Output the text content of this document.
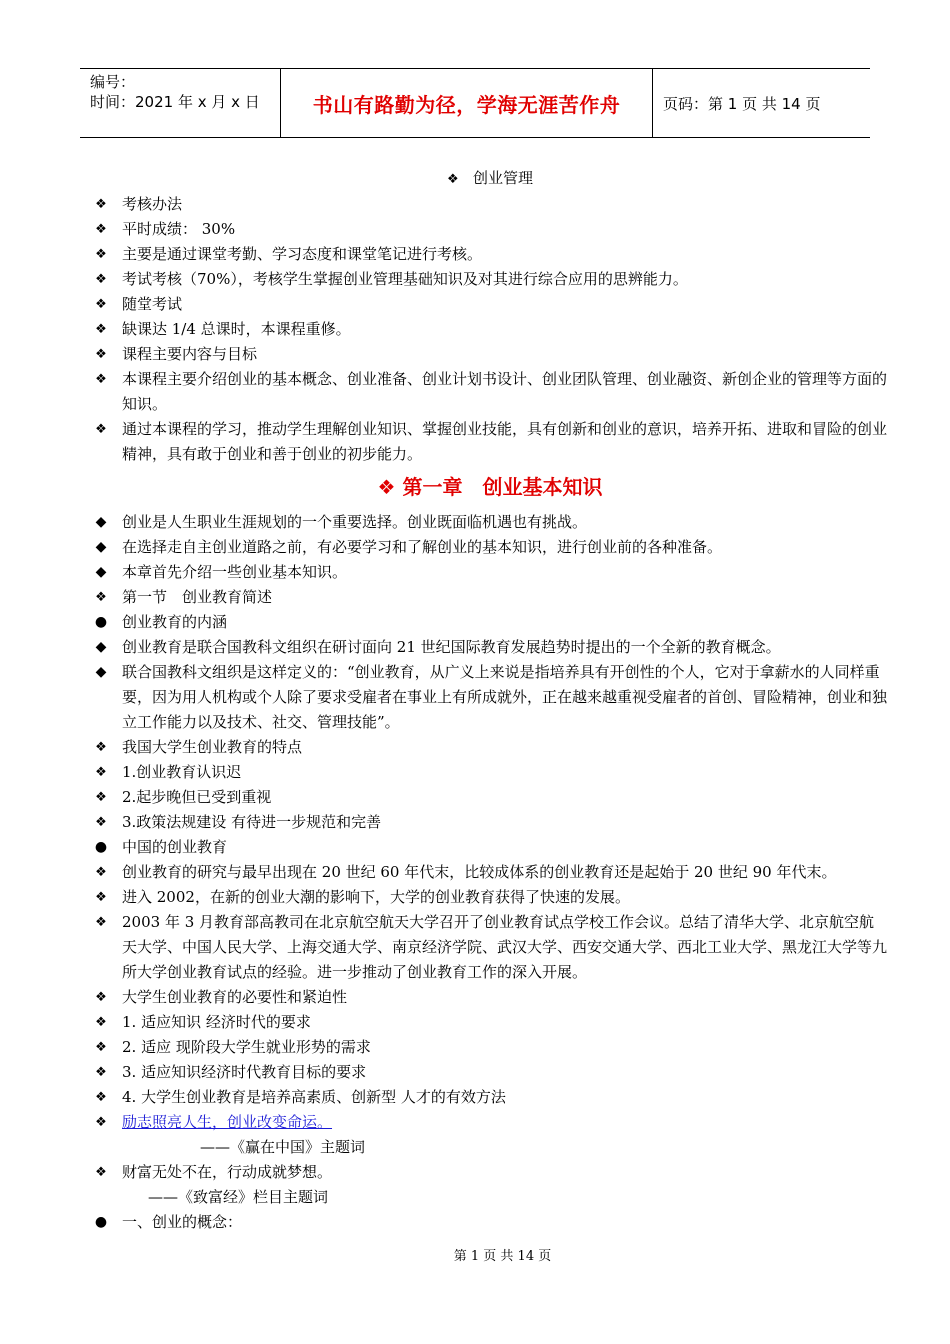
编号：
时间：2021 年 x 月 x 日	书山有路勤为径，学海无涯苦作舟	页码：第 1 页 共 14 页
❖ 创业管理
❖ 考核办法
❖ 平时成绩： 30%
❖ 主要是通过课堂考勤、学习态度和课堂笔记进行考核。
❖ 考试考核（70%），考核学生掌握创业管理基础知识及对其进行综合应用的思辨能力。
❖ 随堂考试
❖ 缺课达 1/4 总课时，本课程重修。
❖ 课程主要内容与目标
❖ 本课程主要介绍创业的基本概念、创业准备、创业计划书设计、创业团队管理、创业融资、新创企业的管理等方面的知识。
❖ 通过本课程的学习，推动学生理解创业知识、掌握创业技能，具有创新和创业的意识，培养开拓、进取和冒险的创业精神，具有敢于创业和善于创业的初步能力。
❖ 第一章　创业基本知识
◆ 创业是人生职业生涯规划的一个重要选择。创业既面临机遇也有挑战。
◆ 在选择走自主创业道路之前，有必要学习和了解创业的基本知识，进行创业前的各种准备。
◆ 本章首先介绍一些创业基本知识。
❖ 第一节　创业教育简述
● 创业教育的内涵
◆ 创业教育是联合国教科文组织在研讨面向 21 世纪国际教育发展趋势时提出的一个全新的教育概念。
◆ 联合国教科文组织是这样定义的：“创业教育，从广义上来说是指培养具有开创性的个人，它对于拿薪水的人同样重要，因为用人机构或个人除了要求受雇者在事业上有所成就外，正在越来越重视受雇者的首创、冒险精神，创业和独立工作能力以及技术、社交、管理技能”。
❖ 我国大学生创业教育的特点
❖ 1.创业教育认识迟
❖ 2.起步晚但已受到重视
❖ 3.政策法规建设 有待进一步规范和完善
● 中国的创业教育
❖ 创业教育的研究与最早出现在 20 世纪 60 年代末，比较成体系的创业教育还是起始于 20 世纪 90 年代末。
❖ 进入 2002，在新的创业大潮的影响下，大学的创业教育获得了快速的发展。
❖ 2003 年 3 月教育部高教司在北京航空航天大学召开了创业教育试点学校工作会议。总结了清华大学、北京航空航天大学、中国人民大学、上海交通大学、南京经济学院、武汉大学、西安交通大学、西北工业大学、黑龙江大学等九所大学创业教育试点的经验。进一步推动了创业教育工作的深入开展。
❖ 大学生创业教育的必要性和紧迫性
❖ 1. 适应知识 经济时代的要求
❖ 2. 适应 现阶段大学生就业形势的需求
❖ 3. 适应知识经济时代教育目标的要求
❖ 4. 大学生创业教育是培养高素质、创新型 人才的有效方法
❖ 励志照亮人生，创业改变命运。
——《赢在中国》主题词
❖ 财富无处不在，行动成就梦想。
——《致富经》栏目主题词
● 一、创业的概念：
第 1 页 共 14 页
